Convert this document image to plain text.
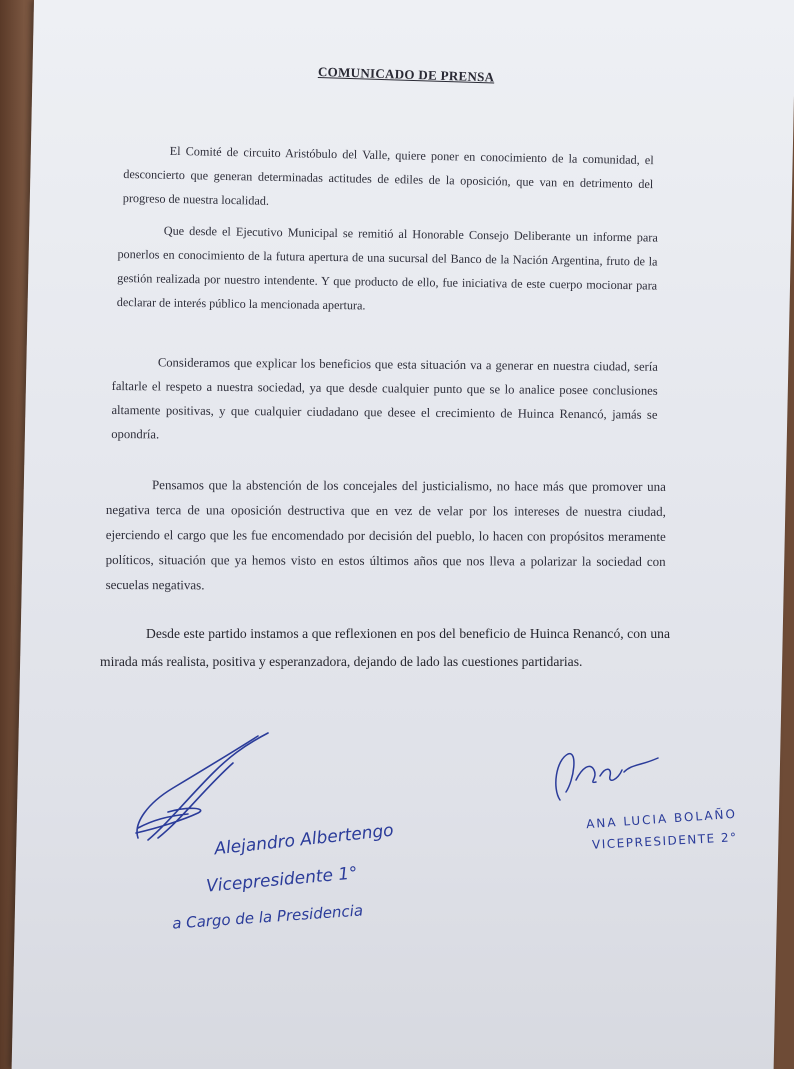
COMUNICADO DE PRENSA

El Comité de circuito Aristóbulo del Valle, quiere poner en conocimiento de la comunidad, el desconcierto que generan determinadas actitudes de ediles de la oposición, que van en detrimento del progreso de nuestra localidad.

Que desde el Ejecutivo Municipal se remitió al Honorable Consejo Deliberante un informe para ponerlos en conocimiento de la futura apertura de una sucursal del Banco de la Nación Argentina, fruto de la gestión realizada por nuestro intendente. Y que producto de ello, fue iniciativa de este cuerpo mocionar para declarar de interés público la mencionada apertura.

Consideramos que explicar los beneficios que esta situación va a generar en nuestra ciudad, sería faltarle el respeto a nuestra sociedad, ya que desde cualquier punto que se lo analice posee conclusiones altamente positivas, y que cualquier ciudadano que desee el crecimiento de Huinca Renancó, jamás se opondría.

Pensamos que la abstención de los concejales del justicialismo, no hace más que promover una negativa terca de una oposición destructiva que en vez de velar por los intereses de nuestra ciudad, ejerciendo el cargo que les fue encomendado por decisión del pueblo, lo hacen con propósitos meramente políticos, situación que ya hemos visto en estos últimos años que nos lleva a polarizar la sociedad con secuelas negativas.

Desde este partido instamos a que reflexionen en pos del beneficio de Huinca Renancó, con una mirada más realista, positiva y esperanzadora, dejando de lado las cuestiones partidarias.

Alejandro Albertengo
Vicepresidente 1°
a Cargo de la Presidencia
ANA LUCIA BOLAÑO
VICEPRESIDENTE 2°
